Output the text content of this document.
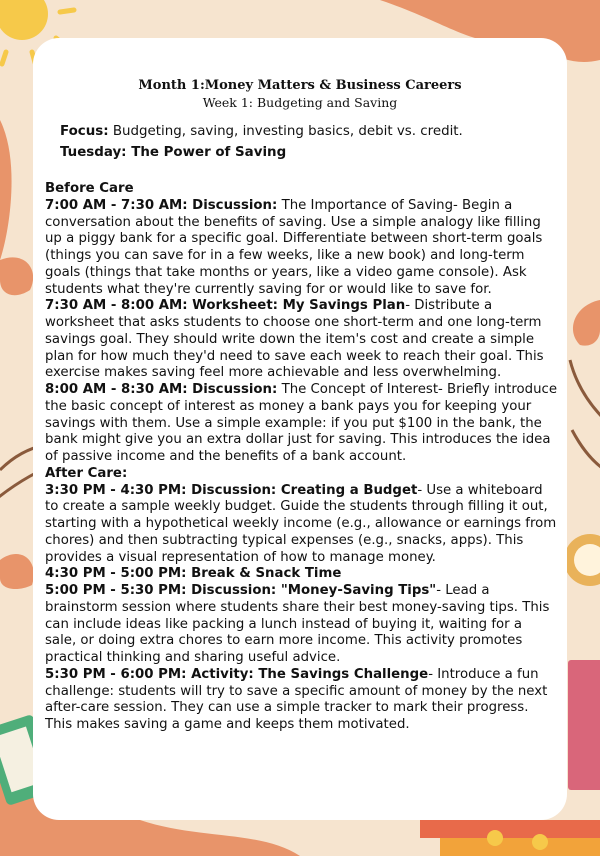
Month 1:Money Matters & Business Careers
Week 1: Budgeting and Saving
Focus: Budgeting, saving, investing basics, debit vs. credit.
Tuesday: The Power of Saving

Before Care

7:00 AM - 7:30 AM: Discussion: The Importance of Saving- Begin a conversation about the benefits of saving. Use a simple analogy like filling up a piggy bank for a specific goal. Differentiate between short-term goals (things you can save for in a few weeks, like a new book) and long-term goals (things that take months or years, like a video game console). Ask students what they're currently saving for or would like to save for.

7:30 AM - 8:00 AM: Worksheet: My Savings Plan- Distribute a worksheet that asks students to choose one short-term and one long-term savings goal. They should write down the item's cost and create a simple plan for how much they'd need to save each week to reach their goal. This exercise makes saving feel more achievable and less overwhelming.

8:00 AM - 8:30 AM: Discussion: The Concept of Interest- Briefly introduce the basic concept of interest as money a bank pays you for keeping your savings with them. Use a simple example: if you put $100 in the bank, the bank might give you an extra dollar just for saving. This introduces the idea of passive income and the benefits of a bank account.

After Care:

3:30 PM - 4:30 PM: Discussion: Creating a Budget- Use a whiteboard to create a sample weekly budget. Guide the students through filling it out, starting with a hypothetical weekly income (e.g., allowance or earnings from chores) and then subtracting typical expenses (e.g., snacks, apps). This provides a visual representation of how to manage money.

4:30 PM - 5:00 PM: Break & Snack Time

5:00 PM - 5:30 PM: Discussion: "Money-Saving Tips"- Lead a brainstorm session where students share their best money-saving tips. This can include ideas like packing a lunch instead of buying it, waiting for a sale, or doing extra chores to earn more income. This activity promotes practical thinking and sharing useful advice.

5:30 PM - 6:00 PM: Activity: The Savings Challenge- Introduce a fun challenge: students will try to save a specific amount of money by the next after-care session. They can use a simple tracker to mark their progress. This makes saving a game and keeps them motivated.
